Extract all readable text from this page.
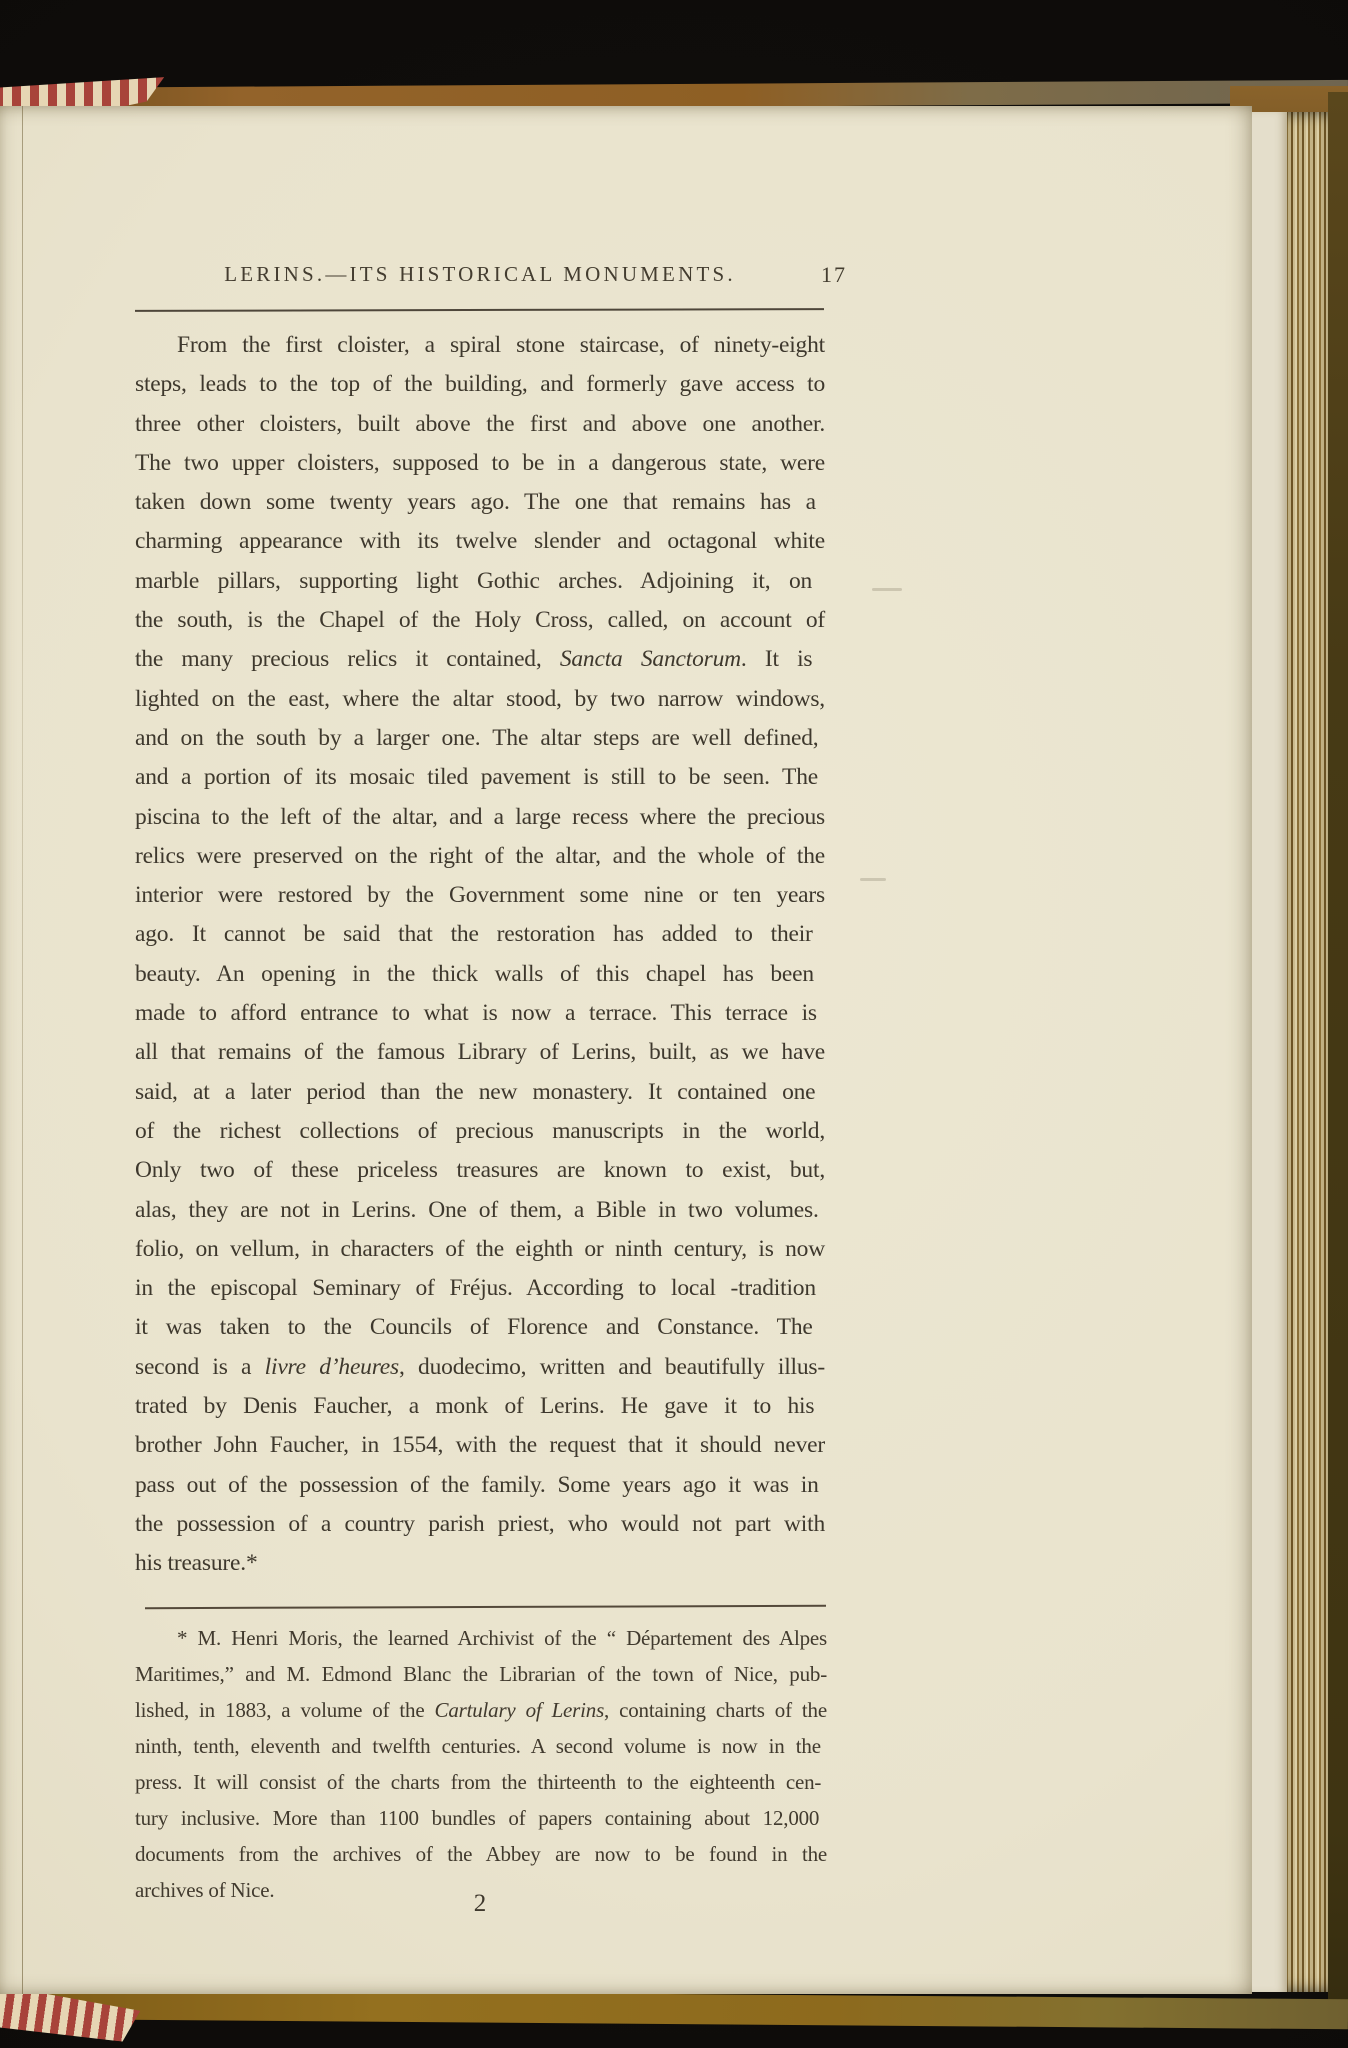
LERINS.—ITS HISTORICAL MONUMENTS.	17
From the first cloister, a spiral stone staircase, of ninety-eight
steps, leads to the top of the building, and formerly gave access to
three other cloisters, built above the first and above one another.
The two upper cloisters, supposed to be in a dangerous state, were
taken down some twenty years ago. The one that remains has a
charming appearance with its twelve slender and octagonal white
marble pillars, supporting light Gothic arches. Adjoining it, on
the south, is the Chapel of the Holy Cross, called, on account of
the many precious relics it contained, Sancta Sanctorum. It is
lighted on the east, where the altar stood, by two narrow windows,
and on the south by a larger one. The altar steps are well defined,
and a portion of its mosaic tiled pavement is still to be seen. The
piscina to the left of the altar, and a large recess where the precious
relics were preserved on the right of the altar, and the whole of the
interior were restored by the Government some nine or ten years
ago. It cannot be said that the restoration has added to their
beauty. An opening in the thick walls of this chapel has been
made to afford entrance to what is now a terrace. This terrace is
all that remains of the famous Library of Lerins, built, as we have
said, at a later period than the new monastery. It contained one
of the richest collections of precious manuscripts in the world,
Only two of these priceless treasures are known to exist, but,
alas, they are not in Lerins. One of them, a Bible in two volumes.
folio, on vellum, in characters of the eighth or ninth century, is now
in the episcopal Seminary of Fréjus. According to local -tradition
it was taken to the Councils of Florence and Constance. The
second is a livre d’heures, duodecimo, written and beautifully illus-
trated by Denis Faucher, a monk of Lerins. He gave it to his
brother John Faucher, in 1554, with the request that it should never
pass out of the possession of the family. Some years ago it was in
the possession of a country parish priest, who would not part with
his treasure.*
* M. Henri Moris, the learned Archivist of the “ Département des Alpes
Maritimes,” and M. Edmond Blanc the Librarian of the town of Nice, pub-
lished, in 1883, a volume of the Cartulary of Lerins, containing charts of the
ninth, tenth, eleventh and twelfth centuries. A second volume is now in the
press. It will consist of the charts from the thirteenth to the eighteenth cen-
tury inclusive. More than 1100 bundles of papers containing about 12,000
documents from the archives of the Abbey are now to be found in the
archives of Nice.	2
